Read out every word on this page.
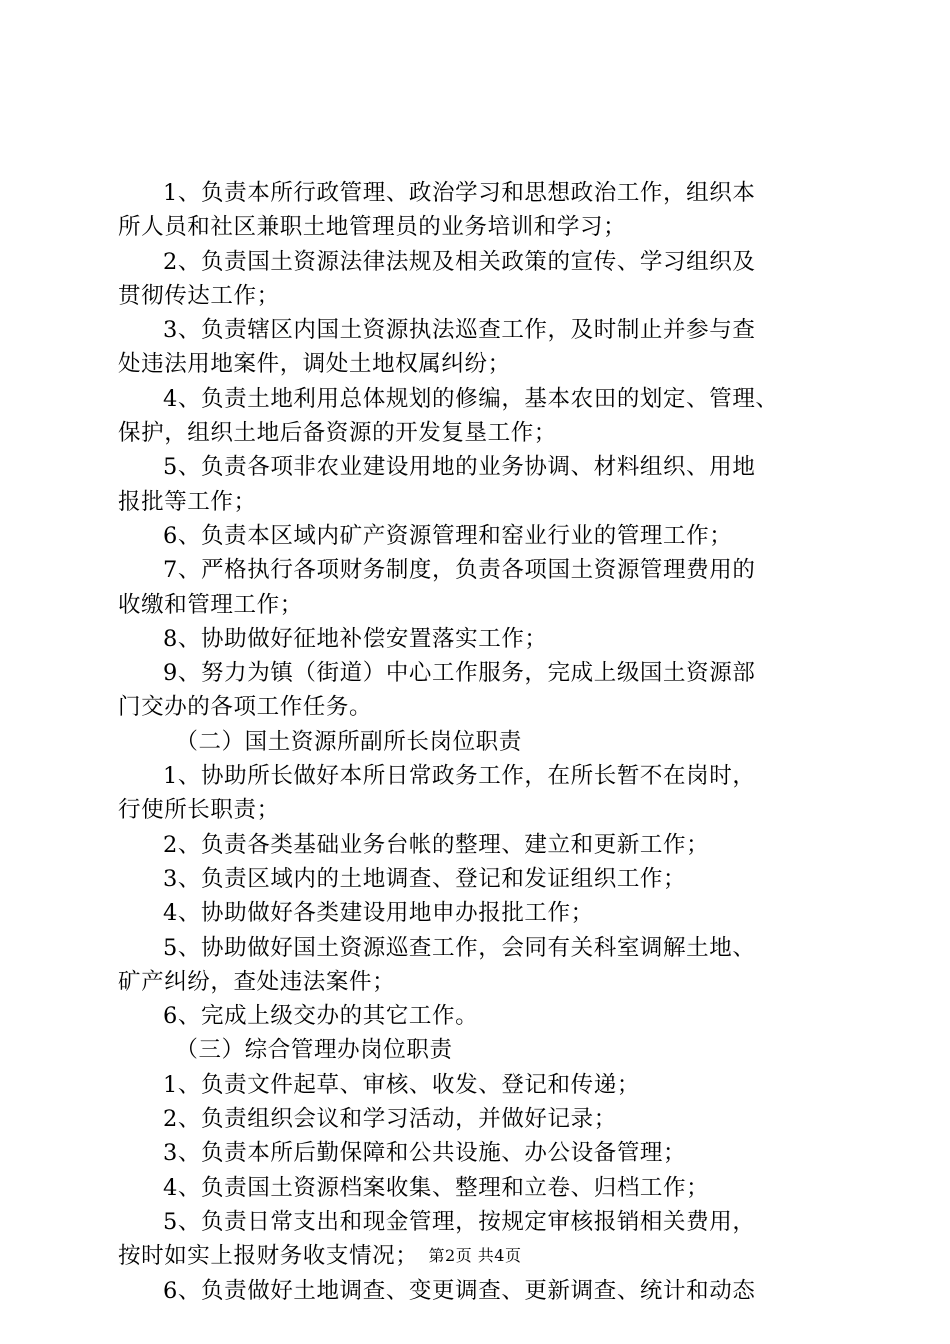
1、负责本所行政管理、政治学习和思想政治工作，组织本
所人员和社区兼职土地管理员的业务培训和学习；

2、负责国土资源法律法规及相关政策的宣传、学习组织及
贯彻传达工作；

3、负责辖区内国土资源执法巡查工作，及时制止并参与查
处违法用地案件，调处土地权属纠纷；

4、负责土地利用总体规划的修编，基本农田的划定、管理、
保护，组织土地后备资源的开发复垦工作；

5、负责各项非农业建设用地的业务协调、材料组织、用地
报批等工作；

6、负责本区域内矿产资源管理和窑业行业的管理工作；

7、严格执行各项财务制度，负责各项国土资源管理费用的
收缴和管理工作；

8、协助做好征地补偿安置落实工作；

9、努力为镇（街道）中心工作服务，完成上级国土资源部
门交办的各项工作任务。

（二）国土资源所副所长岗位职责

1、协助所长做好本所日常政务工作，在所长暂不在岗时，
行使所长职责；

2、负责各类基础业务台帐的整理、建立和更新工作；

3、负责区域内的土地调查、登记和发证组织工作；

4、协助做好各类建设用地申办报批工作；

5、协助做好国土资源巡查工作，会同有关科室调解土地、
矿产纠纷，查处违法案件；

6、完成上级交办的其它工作。

（三）综合管理办岗位职责

1、负责文件起草、审核、收发、登记和传递；

2、负责组织会议和学习活动，并做好记录；

3、负责本所后勤保障和公共设施、办公设备管理；

4、负责国土资源档案收集、整理和立卷、归档工作；

5、负责日常支出和现金管理，按规定审核报销相关费用，
按时如实上报财务收支情况；

6、负责做好土地调查、变更调查、更新调查、统计和动态

第2页 共4页
